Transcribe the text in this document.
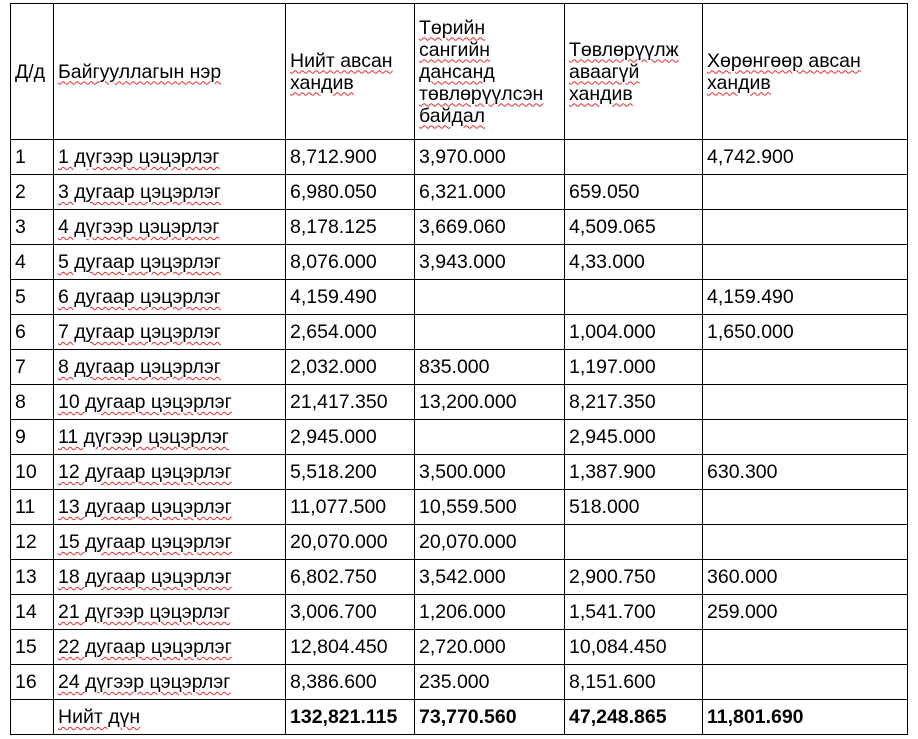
Д/д	Байгууллагын нэр	Нийт авсан хандив	Төрийн сангийн дансанд төвлөрүүлсэн байдал	Төвлөрүүлж аваагүй хандив	Хөрөнгөөр авсан хандив
1	1 дүгээр цэцэрлэг	8,712.900	3,970.000		4,742.900
2	3 дугаар цэцэрлэг	6,980.050	6,321.000	659.050	
3	4 дүгээр цэцэрлэг	8,178.125	3,669.060	4,509.065	
4	5 дугаар цэцэрлэг	8,076.000	3,943.000	4,33.000	
5	6 дугаар цэцэрлэг	4,159.490			4,159.490
6	7 дугаар цэцэрлэг	2,654.000		1,004.000	1,650.000
7	8 дугаар цэцэрлэг	2,032.000	835.000	1,197.000	
8	10 дугаар цэцэрлэг	21,417.350	13,200.000	8,217.350	
9	11 дүгээр цэцэрлэг	2,945.000		2,945.000	
10	12 дугаар цэцэрлэг	5,518.200	3,500.000	1,387.900	630.300
11	13 дугаар цэцэрлэг	11,077.500	10,559.500	518.000	
12	15 дугаар цэцэрлэг	20,070.000	20,070.000		
13	18 дугаар цэцэрлэг	6,802.750	3,542.000	2,900.750	360.000
14	21 дүгээр цэцэрлэг	3,006.700	1,206.000	1,541.700	259.000
15	22 дугаар цэцэрлэг	12,804.450	2,720.000	10,084.450	
16	24 дүгээр цэцэрлэг	8,386.600	235.000	8,151.600	
	Нийт дүн	132,821.115	73,770.560	47,248.865	11,801.690
